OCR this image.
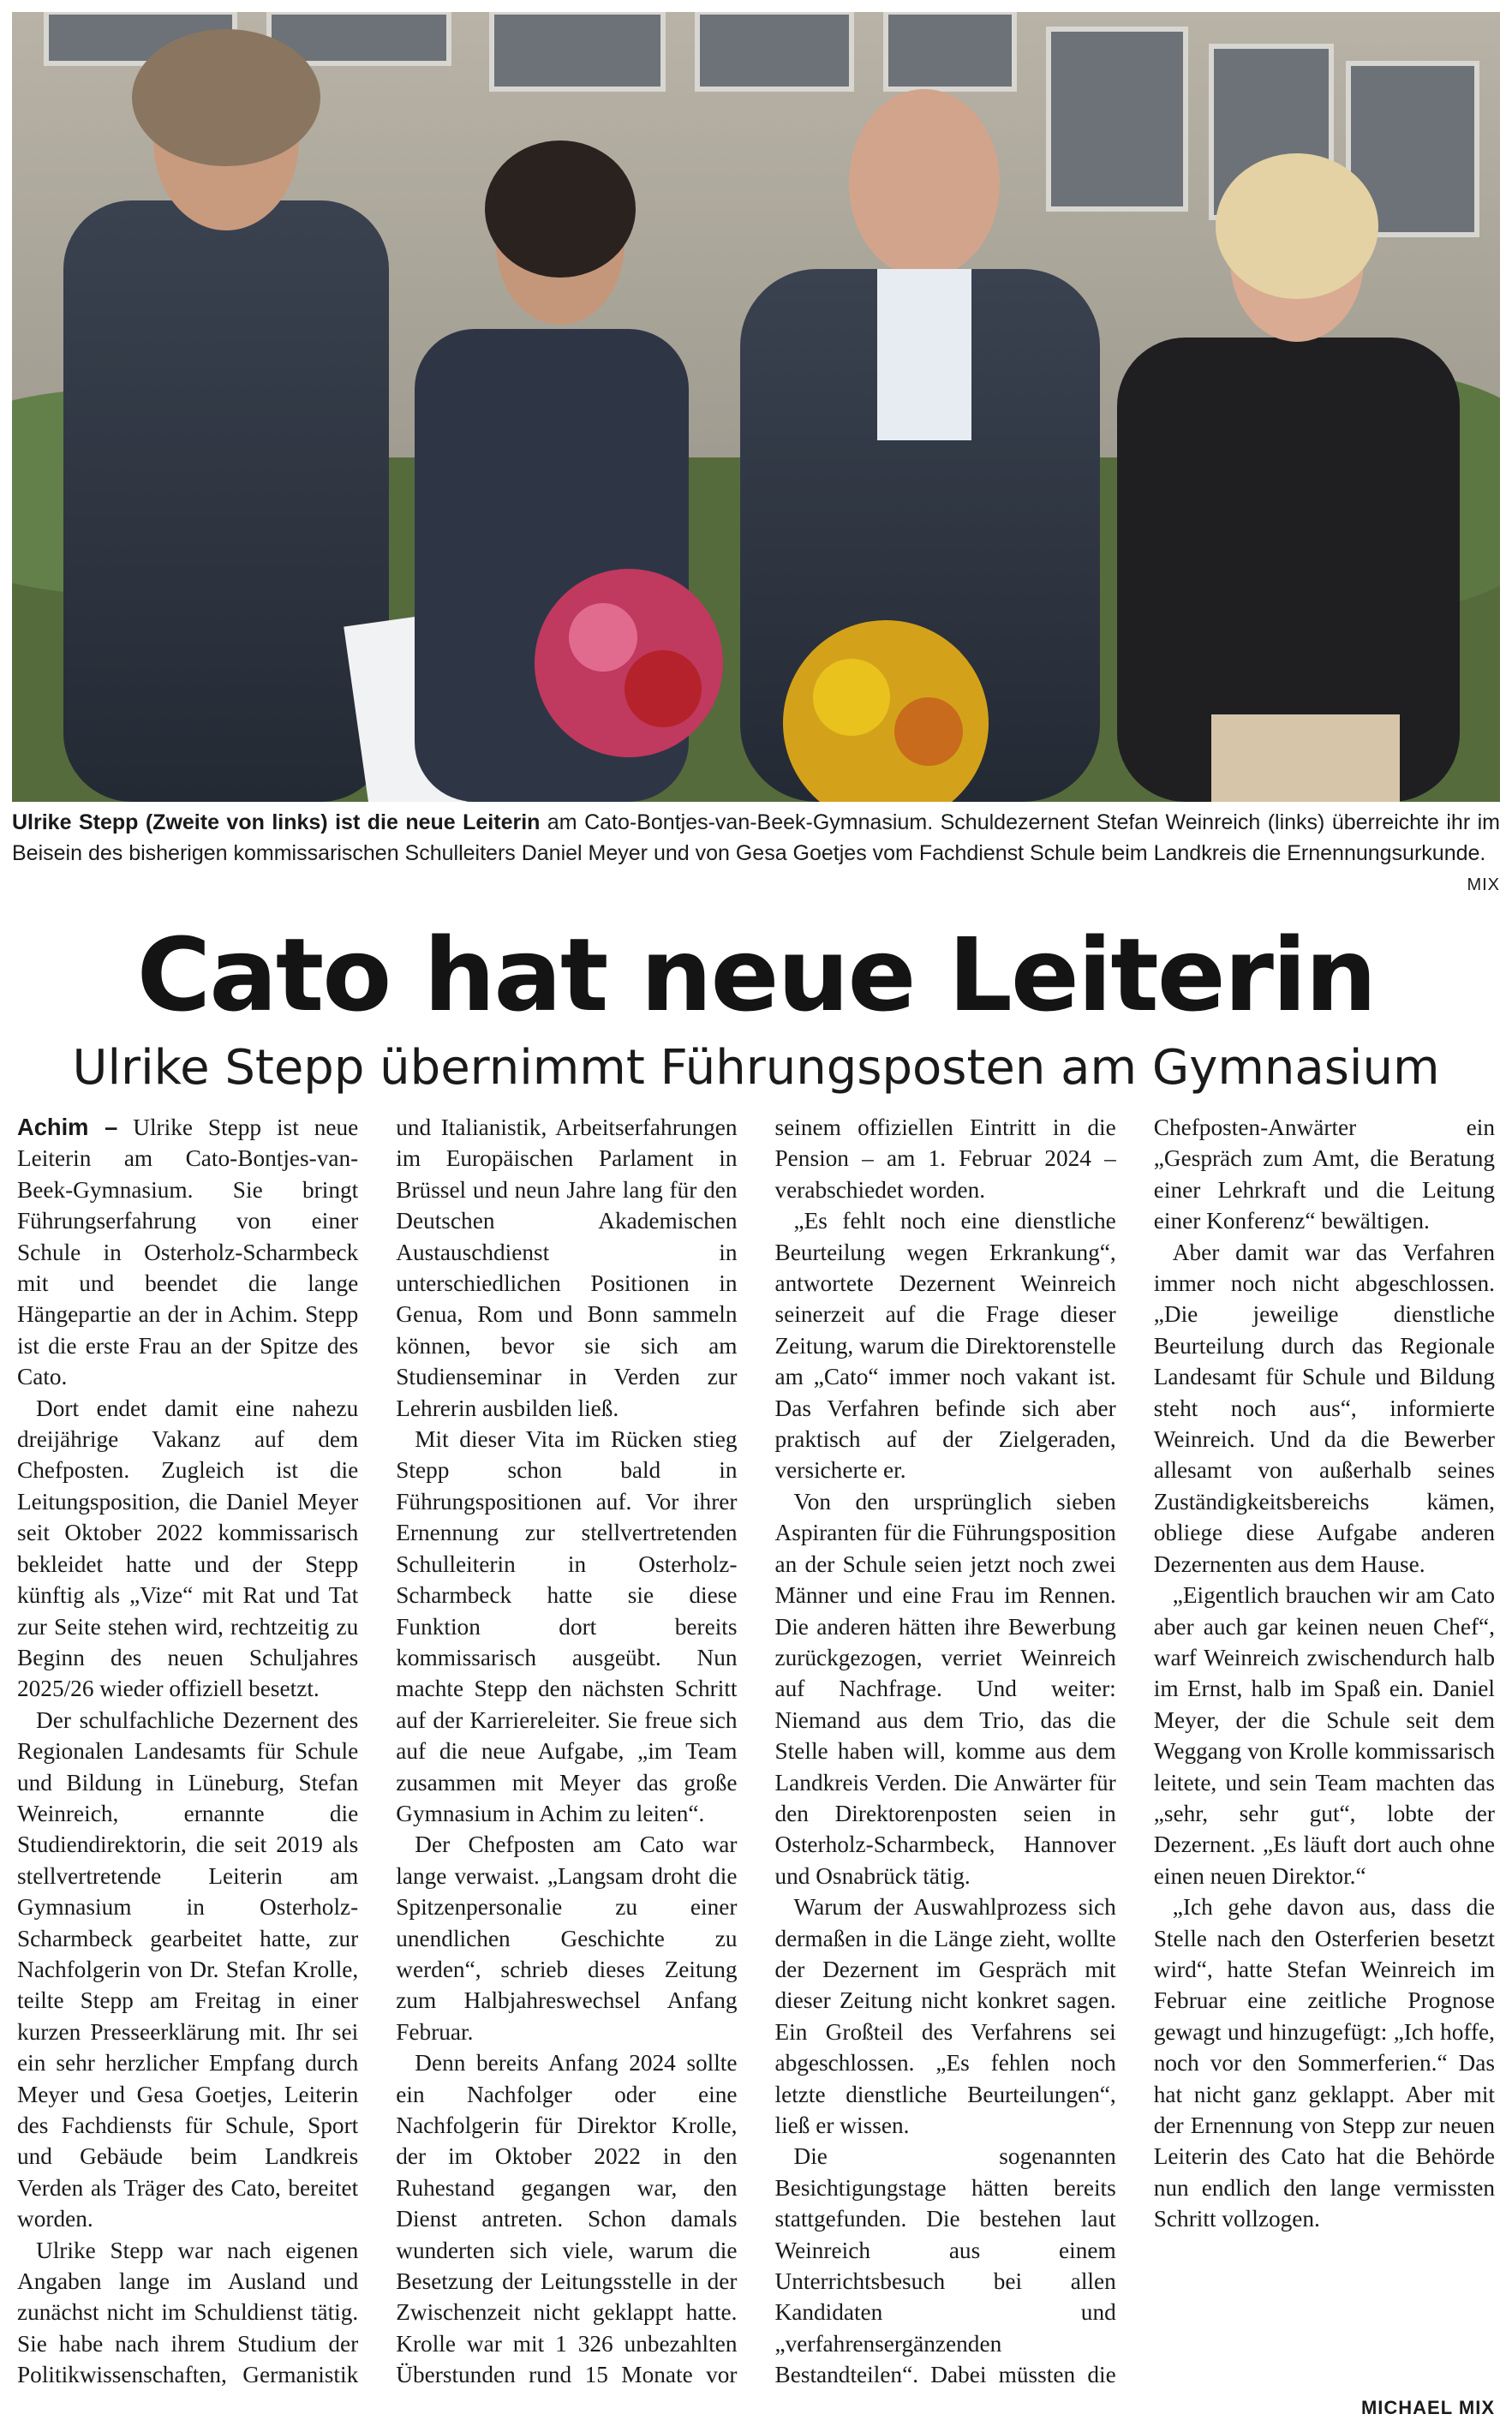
Ulrike Stepp (Zweite von links) ist die neue Leiterin am Cato-Bontjes-van-Beek-Gymnasium. Schuldezernent Stefan Weinreich (links) überreichte ihr im Beisein des bisherigen kommissarischen Schulleiters Daniel Meyer und von Gesa Goetjes vom Fachdienst Schule beim Landkreis die Ernennungsurkunde.
MIX
Cato hat neue Leiterin
Ulrike Stepp übernimmt Führungsposten am Gymnasium

Achim – Ulrike Stepp ist neue Leiterin am Cato-Bontjes-van-Beek-Gymnasium. Sie bringt Führungserfahrung von einer Schule in Osterholz-Scharmbeck mit und beendet die lange Hängepartie an der in Achim. Stepp ist die erste Frau an der Spitze des Cato.

Dort endet damit eine nahezu dreijährige Vakanz auf dem Chefposten. Zugleich ist die Leitungsposition, die Daniel Meyer seit Oktober 2022 kommissarisch bekleidet hatte und der Stepp künftig als „Vize“ mit Rat und Tat zur Seite stehen wird, rechtzeitig zu Beginn des neuen Schuljahres 2025/26 wieder offiziell besetzt.

Der schulfachliche Dezernent des Regionalen Landesamts für Schule und Bildung in Lüneburg, Stefan Weinreich, ernannte die Studiendirektorin, die seit 2019 als stellvertretende Leiterin am Gymnasium in Osterholz-Scharmbeck gearbeitet hatte, zur Nachfolgerin von Dr. Stefan Krolle, teilte Stepp am Freitag in einer kurzen Presseerklärung mit. Ihr sei ein sehr herzlicher Empfang durch Meyer und Gesa Goetjes, Leiterin des Fachdiensts für Schule, Sport und Gebäude beim Landkreis Verden als Träger des Cato, bereitet worden.

Ulrike Stepp war nach eigenen Angaben lange im Ausland und zunächst nicht im Schuldienst tätig. Sie habe nach ihrem Studium der Politikwissenschaften, Germanistik und Italianistik, Arbeitserfahrungen im Europäischen Parlament in Brüssel und neun Jahre lang für den Deutschen Akademischen Austauschdienst in unterschiedlichen Positionen in Genua, Rom und Bonn sammeln können, bevor sie sich am Studienseminar in Verden zur Lehrerin ausbilden ließ.

Mit dieser Vita im Rücken stieg Stepp schon bald in Führungspositionen auf. Vor ihrer Ernennung zur stellvertretenden Schulleiterin in Osterholz-Scharmbeck hatte sie diese Funktion dort bereits kommissarisch ausgeübt. Nun machte Stepp den nächsten Schritt auf der Karriereleiter. Sie freue sich auf die neue Aufgabe, „im Team zusammen mit Meyer das große Gymnasium in Achim zu leiten“.

Der Chefposten am Cato war lange verwaist. „Langsam droht die Spitzenpersonalie zu einer unendlichen Geschichte zu werden“, schrieb dieses Zeitung zum Halbjahreswechsel Anfang Februar.

Denn bereits Anfang 2024 sollte ein Nachfolger oder eine Nachfolgerin für Direktor Krolle, der im Oktober 2022 in den Ruhestand gegangen war, den Dienst antreten. Schon damals wunderten sich viele, warum die Besetzung der Leitungsstelle in der Zwischenzeit nicht geklappt hatte. Krolle war mit 1 326 unbezahlten Überstunden rund 15 Monate vor seinem offiziellen Eintritt in die Pension – am 1. Februar 2024 – verabschiedet worden.

„Es fehlt noch eine dienstliche Beurteilung wegen Erkrankung“, antwortete Dezernent Weinreich seinerzeit auf die Frage dieser Zeitung, warum die Direktorenstelle am „Cato“ immer noch vakant ist. Das Verfahren befinde sich aber praktisch auf der Zielgeraden, versicherte er.

Von den ursprünglich sieben Aspiranten für die Führungsposition an der Schule seien jetzt noch zwei Männer und eine Frau im Rennen. Die anderen hätten ihre Bewerbung zurückgezogen, verriet Weinreich auf Nachfrage. Und weiter: Niemand aus dem Trio, das die Stelle haben will, komme aus dem Landkreis Verden. Die Anwärter für den Direktorenposten seien in Osterholz-Scharmbeck, Hannover und Osnabrück tätig.

Warum der Auswahlprozess sich dermaßen in die Länge zieht, wollte der Dezernent im Gespräch mit dieser Zeitung nicht konkret sagen. Ein Großteil des Verfahrens sei abgeschlossen. „Es fehlen noch letzte dienstliche Beurteilungen“, ließ er wissen.

Die sogenannten Besichtigungstage hätten bereits stattgefunden. Die bestehen laut Weinreich aus einem Unterrichtsbesuch bei allen Kandidaten und „verfahrensergänzenden Bestandteilen“. Dabei müssten die Chefposten-Anwärter ein „Gespräch zum Amt, die Beratung einer Lehrkraft und die Leitung einer Konferenz“ bewältigen.

Aber damit war das Verfahren immer noch nicht abgeschlossen. „Die jeweilige dienstliche Beurteilung durch das Regionale Landesamt für Schule und Bildung steht noch aus“, informierte Weinreich. Und da die Bewerber allesamt von außerhalb seines Zuständigkeitsbereichs kämen, obliege diese Aufgabe anderen Dezernenten aus dem Hause.

„Eigentlich brauchen wir am Cato aber auch gar keinen neuen Chef“, warf Weinreich zwischendurch halb im Ernst, halb im Spaß ein. Daniel Meyer, der die Schule seit dem Weggang von Krolle kommissarisch leitete, und sein Team machten das „sehr, sehr gut“, lobte der Dezernent. „Es läuft dort auch ohne einen neuen Direktor.“

„Ich gehe davon aus, dass die Stelle nach den Osterferien besetzt wird“, hatte Stefan Weinreich im Februar eine zeitliche Prognose gewagt und hinzugefügt: „Ich hoffe, noch vor den Sommerferien.“ Das hat nicht ganz geklappt. Aber mit der Ernennung von Stepp zur neuen Leiterin des Cato hat die Behörde nun endlich den lange vermissten Schritt vollzogen.

MICHAEL MIX
